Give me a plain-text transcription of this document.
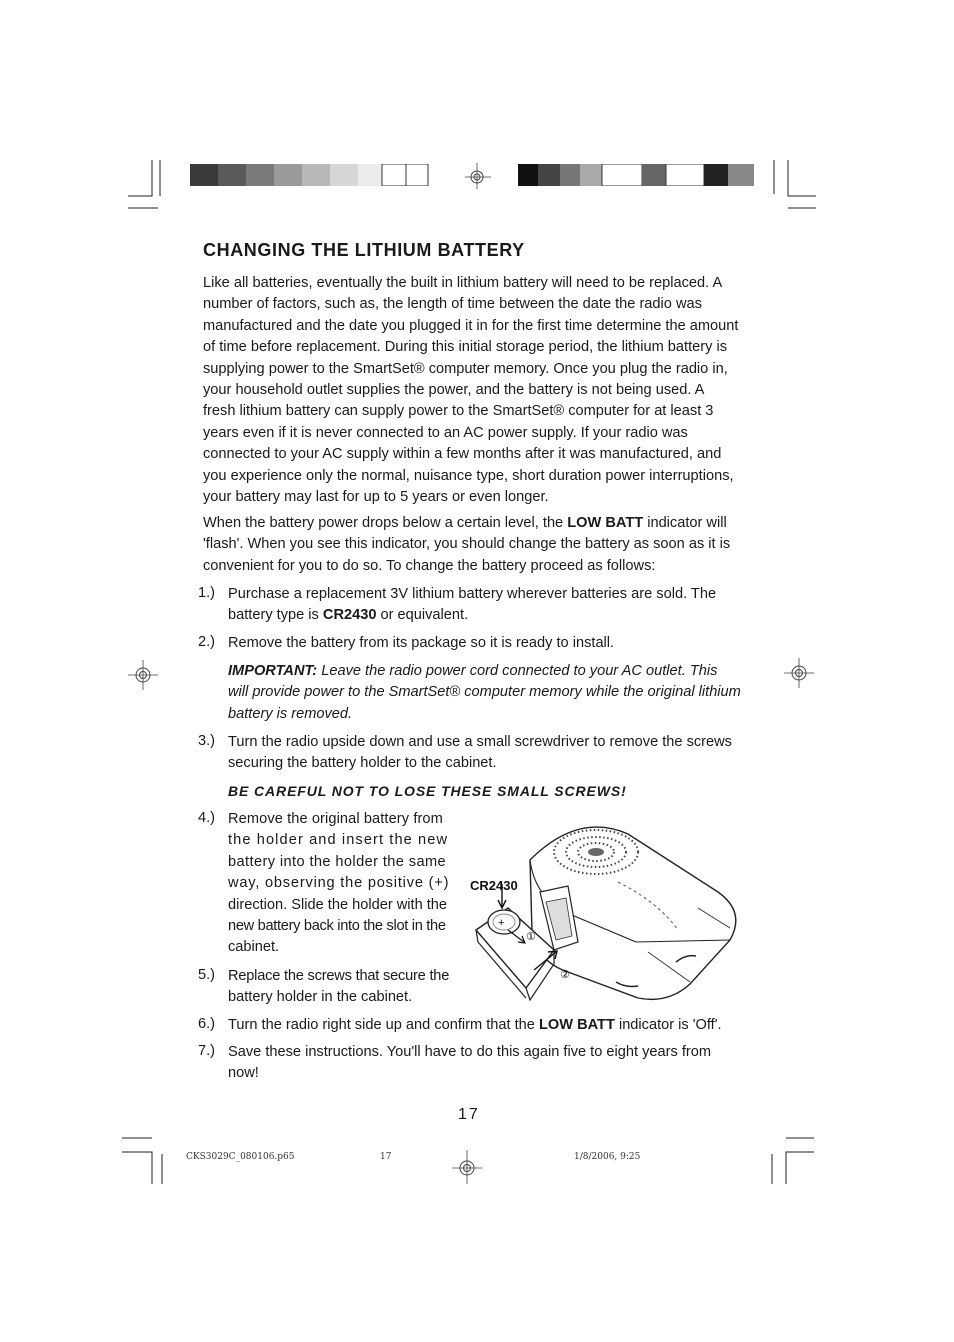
CHANGING THE LITHIUM BATTERY
Like all batteries, eventually the built in lithium battery will need to be replaced. A
number of factors, such as, the length of time between the date the radio was
manufactured and the date you plugged it in for the first time determine the amount
of time before replacement. During this initial storage period, the lithium battery is
supplying power to the SmartSet® computer memory. Once you plug the radio in,
your household outlet supplies the power, and the battery is not being used. A
fresh lithium battery can supply power to the SmartSet® computer for at least 3
years even if it is never connected to an AC power supply. If your radio was
connected to your AC supply within a few months after it was manufactured, and
you experience only the normal, nuisance type, short duration power interruptions,
your battery may last for up to 5 years or even longer.
When the battery power drops below a certain level, the LOW BATT indicator will
'flash'. When you see this indicator, you should change the battery as soon as it is
convenient for you to do so. To change the battery proceed as follows:
1.) Purchase a replacement 3V lithium battery wherever batteries are sold. The
battery type is CR2430 or equivalent.
2.) Remove the battery from its package so it is ready to install.
IMPORTANT: Leave the radio power cord connected to your AC outlet. This
will provide power to the SmartSet® computer memory while the original lithium
battery is removed.
3.) Turn the radio upside down and use a small screwdriver to remove the screws
securing the battery holder to the cabinet.
BE CAREFUL NOT TO LOSE THESE SMALL SCREWS!
4.) Remove the original battery from
the holder and insert the new
battery into the holder the same
way, observing the positive (+)
direction. Slide the holder with the
new battery back into the slot in the
cabinet.
5.) Replace the screws that secure the
battery holder in the cabinet.
CR2430
+
①
②
6.) Turn the radio right side up and confirm that the LOW BATT indicator is 'Off'.
7.) Save these instructions. You'll have to do this again five to eight years from
now!
17
CKS3029C_080106.p65	17	1/8/2006, 9:25
